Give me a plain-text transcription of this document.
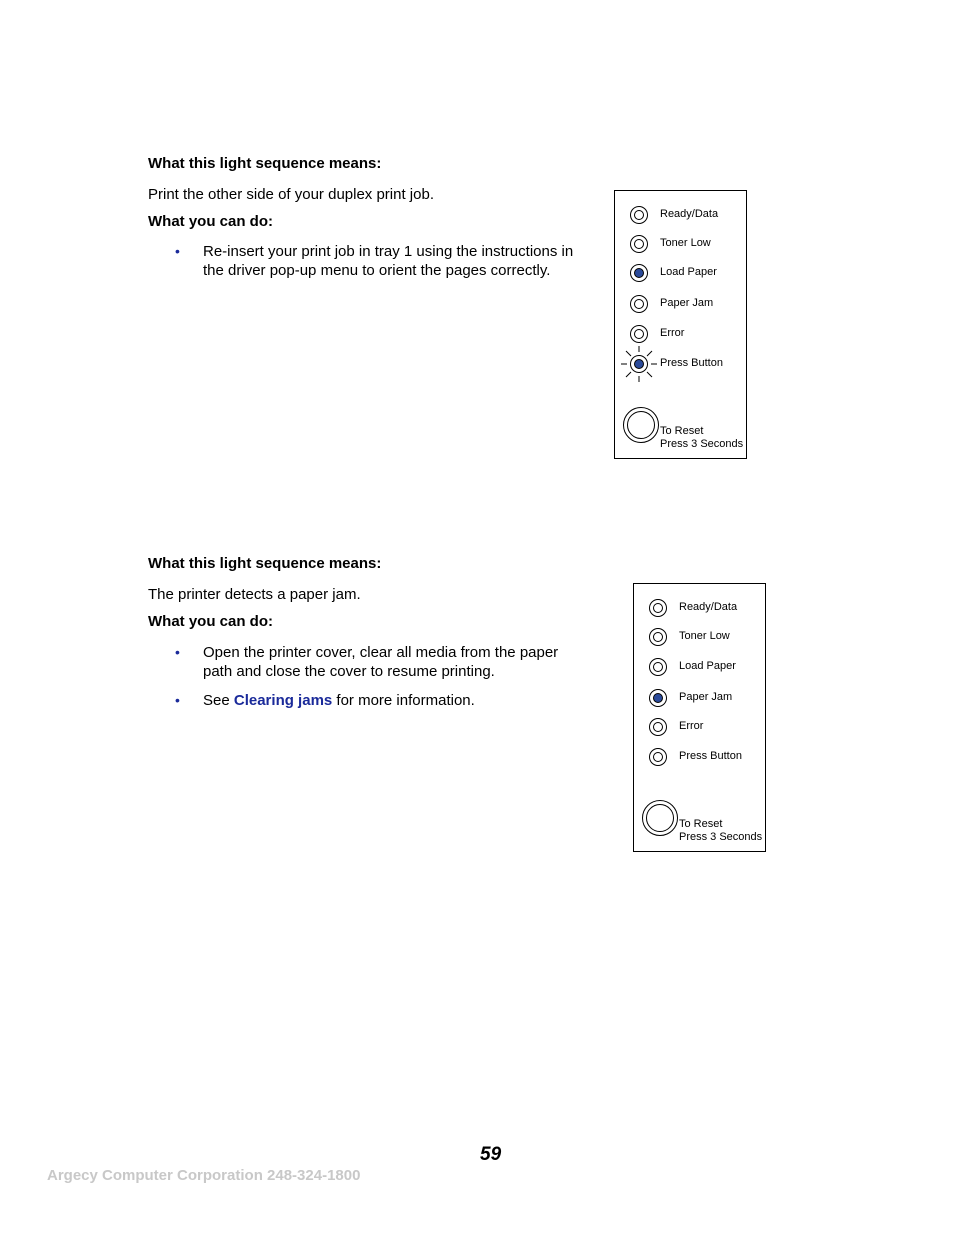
What this light sequence means:

Print the other side of your duplex print job.

What you can do:

• Re-insert your print job in tray 1 using the instructions in the driver pop-up menu to orient the pages correctly.
Ready/Data
Toner Low
Load Paper
Paper Jam
Error
Press Button
To Reset
Press 3 Seconds

What this light sequence means:

The printer detects a paper jam.

What you can do:

• Open the printer cover, clear all media from the paper path and close the cover to resume printing.
• See Clearing jams for more information.
Ready/Data
Toner Low
Load Paper
Paper Jam
Error
Press Button
To Reset
Press 3 Seconds
59
Argecy Computer Corporation 248-324-1800
